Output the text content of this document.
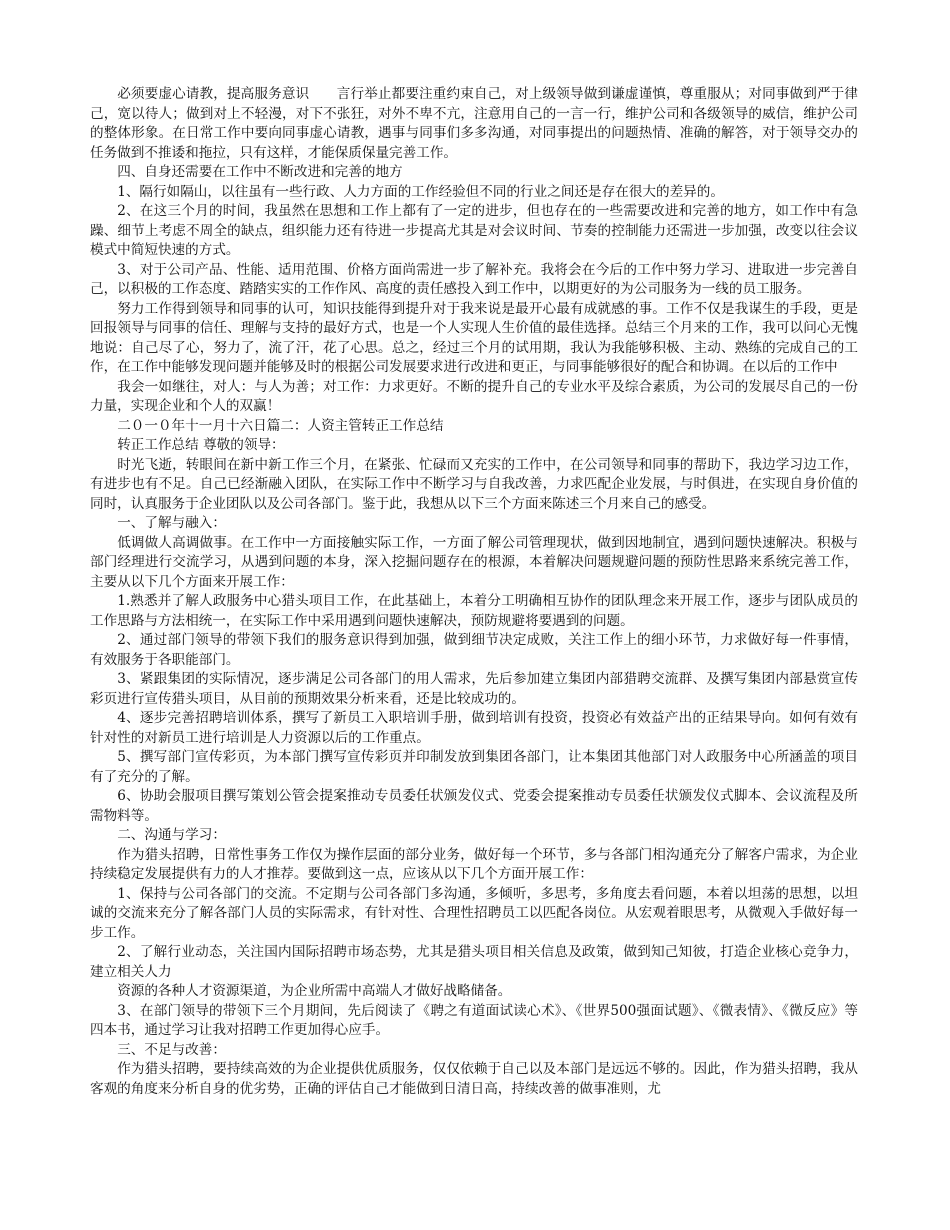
必须要虚心请教，提高服务意识　　言行举止都要注重约束自己，对上级领导做到谦虚谨慎，尊重服从；对同事做到严于律己，宽以待人；做到对上不轻漫，对下不张狂，对外不卑不亢，注意用自己的一言一行，维护公司和各级领导的威信，维护公司的整体形象。在日常工作中要向同事虚心请教，遇事与同事们多多沟通，对同事提出的问题热情、准确的解答，对于领导交办的任务做到不推诿和拖拉，只有这样，才能保质保量完善工作。

四、自身还需要在工作中不断改进和完善的地方

1、隔行如隔山，以往虽有一些行政、人力方面的工作经验但不同的行业之间还是存在很大的差异的。

2、在这三个月的时间，我虽然在思想和工作上都有了一定的进步，但也存在的一些需要改进和完善的地方，如工作中有急躁、细节上考虑不周全的缺点，组织能力还有待进一步提高尤其是对会议时间、节奏的控制能力还需进一步加强，改变以往会议模式中简短快速的方式。

3、对于公司产品、性能、适用范围、价格方面尚需进一步了解补充。我将会在今后的工作中努力学习、进取进一步完善自己，以积极的工作态度、踏踏实实的工作作风、高度的责任感投入到工作中，以期更好的为公司服务为一线的员工服务。

努力工作得到领导和同事的认可，知识技能得到提升对于我来说是最开心最有成就感的事。工作不仅是我谋生的手段，更是回报领导与同事的信任、理解与支持的最好方式，也是一个人实现人生价值的最佳选择。总结三个月来的工作，我可以问心无愧地说：自己尽了心，努力了，流了汗，花了心思。总之，经过三个月的试用期，我认为我能够积极、主动、熟练的完成自己的工作，在工作中能够发现问题并能够及时的根据公司发展要求进行改进和更正，与同事能够很好的配合和协调。在以后的工作中

我会一如继往，对人：与人为善；对工作：力求更好。不断的提升自己的专业水平及综合素质，为公司的发展尽自己的一份力量，实现企业和个人的双赢！

二０一０年十一月十六日篇二：人资主管转正工作总结

转正工作总结 尊敬的领导：

时光飞逝，转眼间在新中新工作三个月，在紧张、忙碌而又充实的工作中，在公司领导和同事的帮助下，我边学习边工作，有进步也有不足。自己已经渐融入团队，在实际工作中不断学习与自我改善，力求匹配企业发展，与时俱进，在实现自身价值的同时，认真服务于企业团队以及公司各部门。鉴于此，我想从以下三个方面来陈述三个月来自己的感受。

一、了解与融入：

低调做人高调做事。在工作中一方面接触实际工作，一方面了解公司管理现状，做到因地制宜，遇到问题快速解决。积极与部门经理进行交流学习，从遇到问题的本身，深入挖掘问题存在的根源，本着解决问题规避问题的预防性思路来系统完善工作，主要从以下几个方面来开展工作：

1.熟悉并了解人政服务中心猎头项目工作，在此基础上，本着分工明确相互协作的团队理念来开展工作，逐步与团队成员的工作思路与方法相统一，在实际工作中采用遇到问题快速解决，预防规避将要遇到的问题。

2、通过部门领导的带领下我们的服务意识得到加强，做到细节决定成败，关注工作上的细小环节，力求做好每一件事情，有效服务于各职能部门。

3、紧跟集团的实际情况，逐步满足公司各部门的用人需求，先后参加建立集团内部猎聘交流群、及撰写集团内部悬赏宣传彩页进行宣传猎头项目，从目前的预期效果分析来看，还是比较成功的。

4、逐步完善招聘培训体系，撰写了新员工入职培训手册，做到培训有投资，投资必有效益产出的正结果导向。如何有效有针对性的对新员工进行培训是人力资源以后的工作重点。

5、撰写部门宣传彩页，为本部门撰写宣传彩页并印制发放到集团各部门，让本集团其他部门对人政服务中心所涵盖的项目有了充分的了解。

6、协助会服项目撰写策划公管会提案推动专员委任状颁发仪式、党委会提案推动专员委任状颁发仪式脚本、会议流程及所需物料等。

二、沟通与学习：

作为猎头招聘，日常性事务工作仅为操作层面的部分业务，做好每一个环节，多与各部门相沟通充分了解客户需求，为企业持续稳定发展提供有力的人才推荐。要做到这一点，应该从以下几个方面开展工作：

1、保持与公司各部门的交流。不定期与公司各部门多沟通，多倾听，多思考，多角度去看问题，本着以坦荡的思想，以坦诚的交流来充分了解各部门人员的实际需求，有针对性、合理性招聘员工以匹配各岗位。从宏观着眼思考，从微观入手做好每一步工作。

2、了解行业动态，关注国内国际招聘市场态势，尤其是猎头项目相关信息及政策，做到知己知彼，打造企业核心竞争力，建立相关人力

资源的各种人才资源渠道，为企业所需中高端人才做好战略储备。

3、在部门领导的带领下三个月期间，先后阅读了《聘之有道面试读心术》、《世界500强面试题》、《微表情》、《微反应》等四本书，通过学习让我对招聘工作更加得心应手。

三、不足与改善：

作为猎头招聘，要持续高效的为企业提供优质服务，仅仅依赖于自己以及本部门是远远不够的。因此，作为猎头招聘，我从客观的角度来分析自身的优劣势，正确的评估自己才能做到日清日高，持续改善的做事准则，尤
